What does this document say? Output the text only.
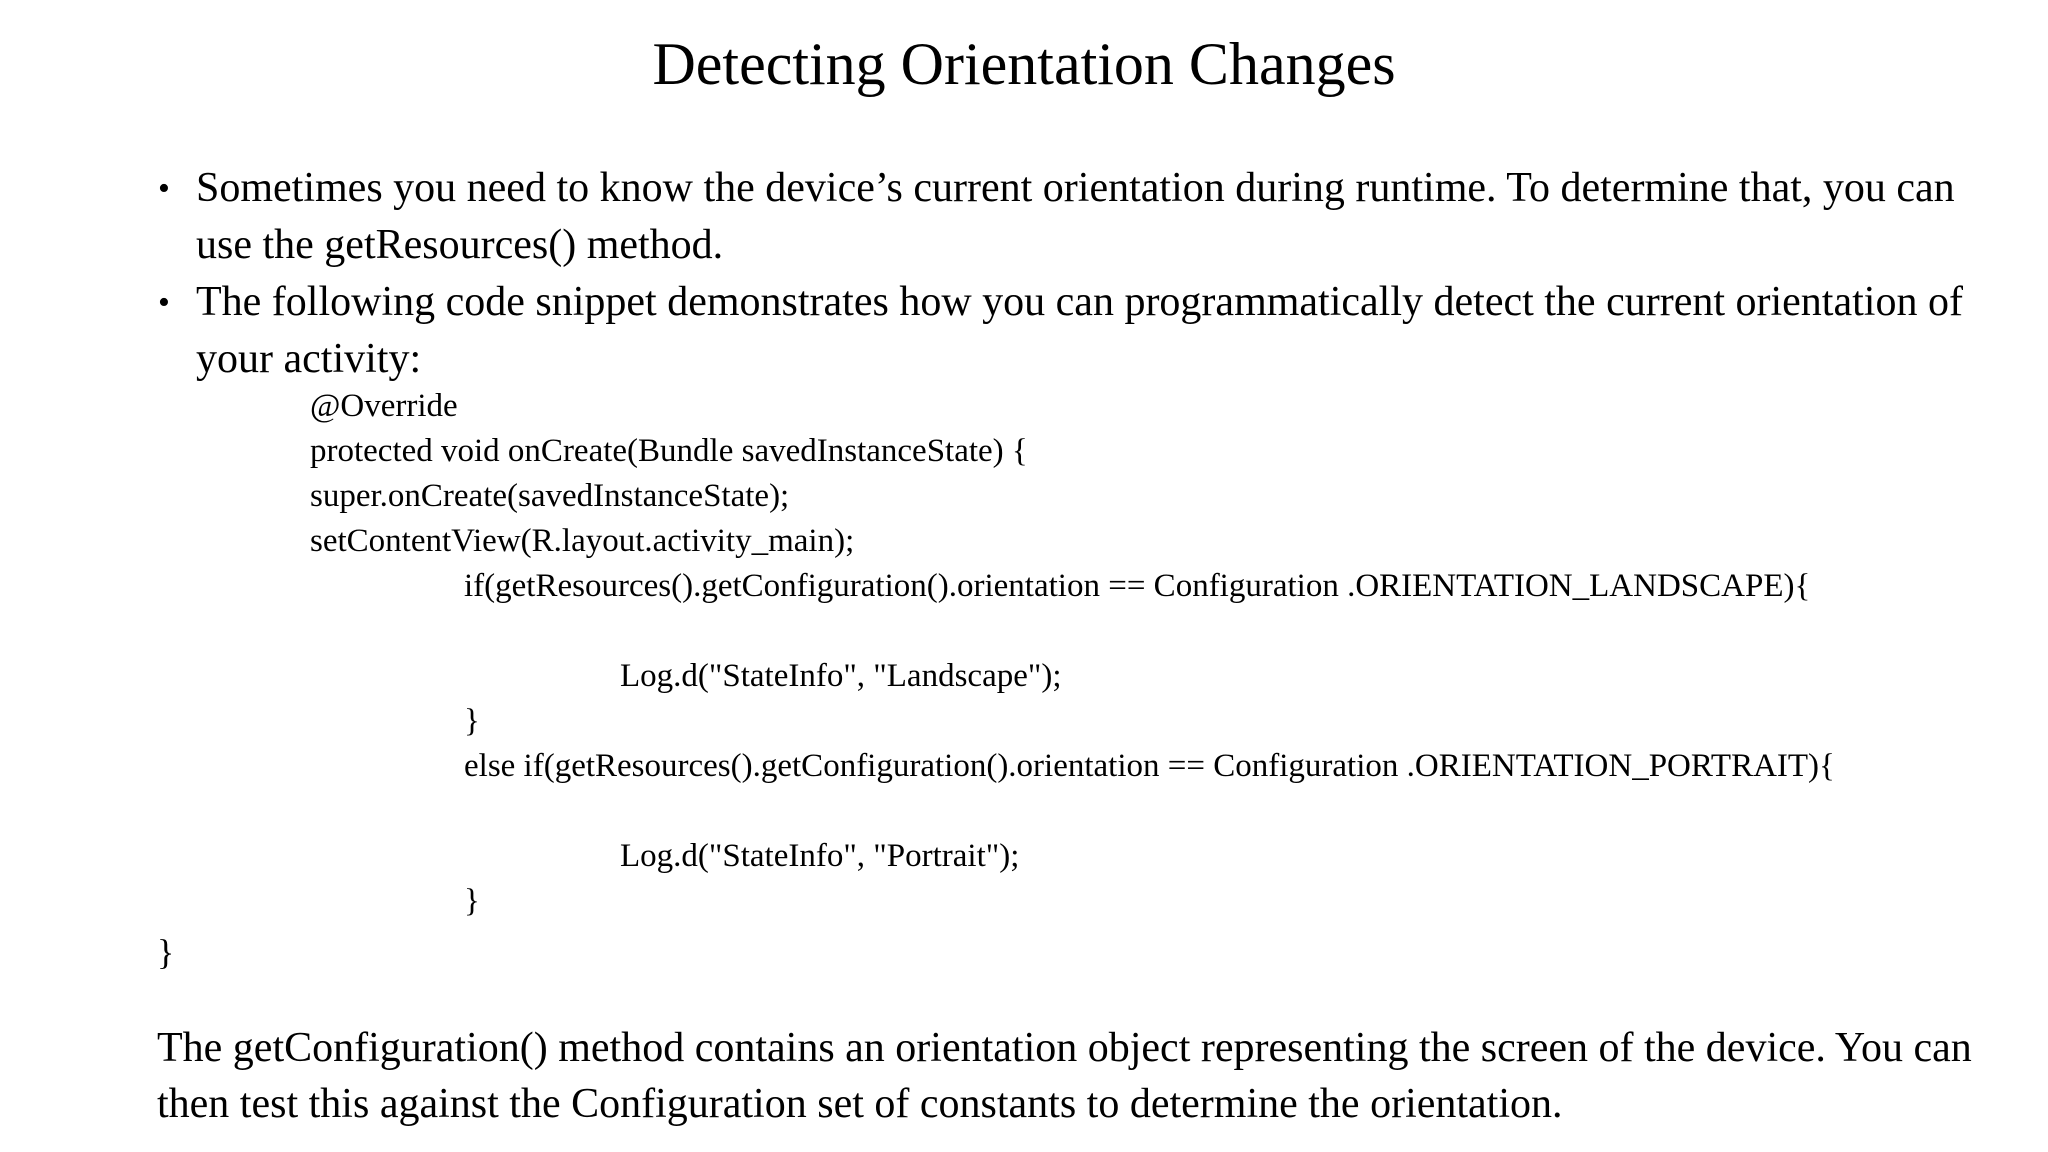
Detecting Orientation Changes
• Sometimes you need to know the device’s current orientation during runtime. To determine that, you can use the getResources() method.
• The following code snippet demonstrates how you can programmatically detect the current orientation of your activity:
@Override
protected void onCreate(Bundle savedInstanceState) {
super.onCreate(savedInstanceState);
setContentView(R.layout.activity_main);
if(getResources().getConfiguration().orientation == Configuration .ORIENTATION_LANDSCAPE){
Log.d("StateInfo", "Landscape");
}
else if(getResources().getConfiguration().orientation == Configuration .ORIENTATION_PORTRAIT){
Log.d("StateInfo", "Portrait");
}
}

The getConfiguration() method contains an orientation object representing the screen of the device. You can then test this against the Configuration set of constants to determine the orientation.
